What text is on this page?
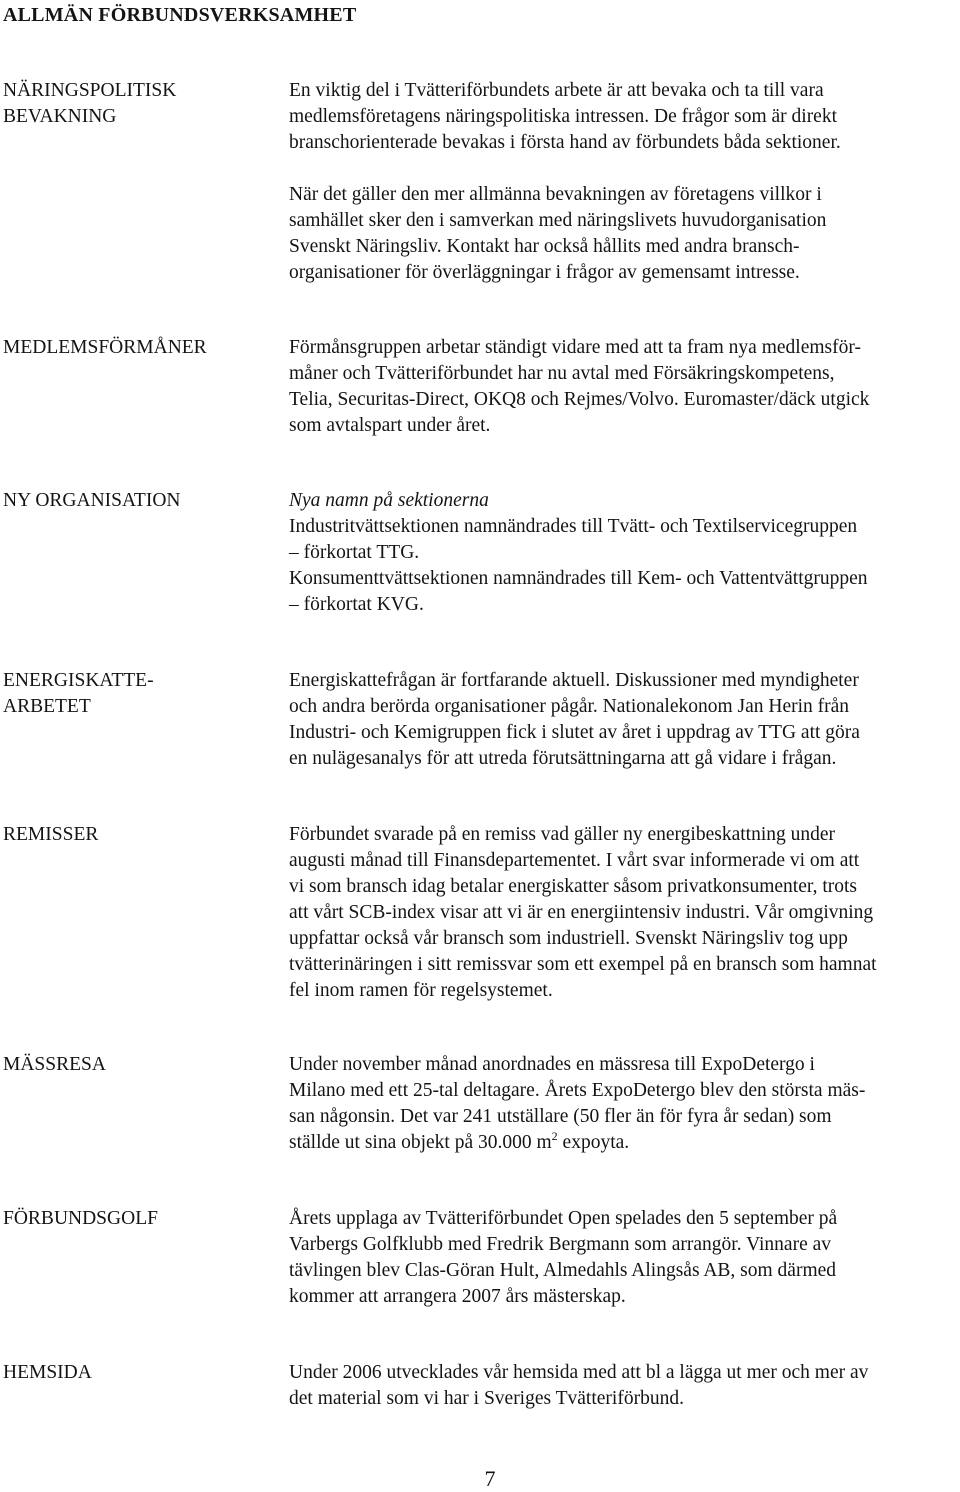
ALLMÄN FÖRBUNDSVERKSAMHET
NÄRINGSPOLITISK
BEVAKNING

En viktig del i Tvätteriförbundets arbete är att bevaka och ta till vara
medlemsföretagens näringspolitiska intressen. De frågor som är direkt
branschorienterade bevakas i första hand av förbundets båda sektioner.

När det gäller den mer allmänna bevakningen av företagens villkor i
samhället sker den i samverkan med näringslivets huvudorganisation
Svenskt Näringsliv. Kontakt har också hållits med andra bransch-
organisationer för överläggningar i frågor av gemensamt intresse.

MEDLEMSFÖRMÅNER	Förmånsgruppen arbetar ständigt vidare med att ta fram nya medlemsför-
måner och Tvätteriförbundet har nu avtal med Försäkringskompetens,
Telia, Securitas-Direct, OKQ8 och Rejmes/Volvo. Euromaster/däck utgick
som avtalspart under året.

NY ORGANISATION	Nya namn på sektionerna

Industritvättsektionen namnändrades till Tvätt- och Textilservicegruppen
– förkortat TTG.
Konsumenttvättsektionen namnändrades till Kem- och Vattentvättgruppen
– förkortat KVG.

ENERGISKATTE-
ARBETET

Energiskattefrågan är fortfarande aktuell. Diskussioner med myndigheter
och andra berörda organisationer pågår. Nationalekonom Jan Herin från
Industri- och Kemigruppen fick i slutet av året i uppdrag av TTG att göra
en nulägesanalys för att utreda förutsättningarna att gå vidare i frågan.

REMISSER	Förbundet svarade på en remiss vad gäller ny energibeskattning under
augusti månad till Finansdepartementet. I vårt svar informerade vi om att
vi som bransch idag betalar energiskatter såsom privatkonsumenter, trots
att vårt SCB-index visar att vi är en energiintensiv industri. Vår omgivning
uppfattar också vår bransch som industriell. Svenskt Näringsliv tog upp
tvätterinäringen i sitt remissvar som ett exempel på en bransch som hamnat
fel inom ramen för regelsystemet.

MÄSSRESA	Under november månad anordnades en mässresa till ExpoDetergo i
Milano med ett 25-tal deltagare. Årets ExpoDetergo blev den största mäs-
san någonsin. Det var 241 utställare (50 fler än för fyra år sedan) som
ställde ut sina objekt på 30.000 $m^2$ expoyta.

FÖRBUNDSGOLF	Årets upplaga av Tvätteriförbundet Open spelades den 5 september på
Varbergs Golfklubb med Fredrik Bergmann som arrangör. Vinnare av
tävlingen blev Clas-Göran Hult, Almedahls Alingsås AB, som därmed
kommer att arrangera 2007 års mästerskap.

HEMSIDA	Under 2006 utvecklades vår hemsida med att bl a lägga ut mer och mer av
det material som vi har i Sveriges Tvätteriförbund.

7
